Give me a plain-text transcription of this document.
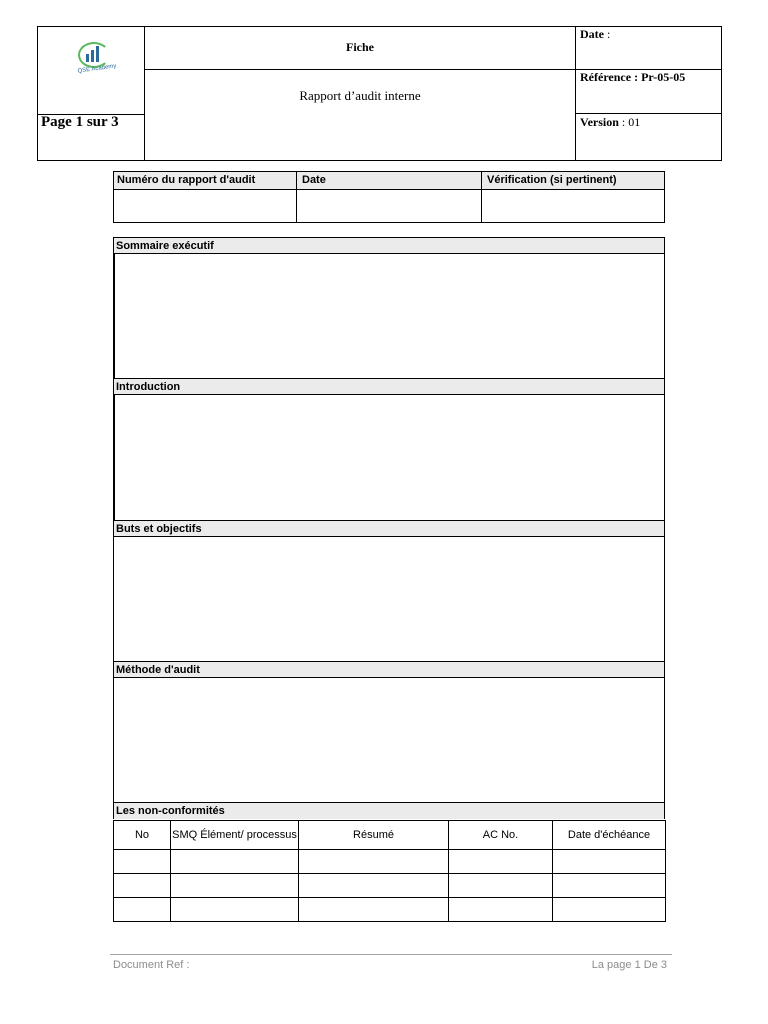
QSE Academy
Fiche
Rapport d’audit interne
Page 1 sur 3
Date :
Référence : Pr-05-05
Version : 01
Numéro du rapport d'audit	Date	Vérification (si pertinent)
Sommaire exécutif
Introduction
Buts et objectifs
Méthode d'audit
Les non-conformités
No	SMQ Élément/ processus	Résumé	AC No.	Date d'échéance

Document Ref :	La page 1 De 3
